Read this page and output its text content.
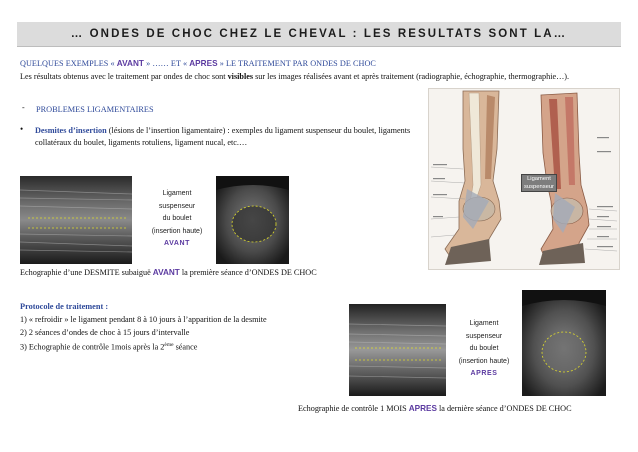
… ONDES DE CHOC CHEZ LE CHEVAL : LES RESULTATS SONT LA…
QUELQUES EXEMPLES « AVANT » …… ET « APRES » LE TRAITEMENT PAR ONDES DE CHOC
Les résultats obtenus avec le traitement par ondes de choc sont visibles sur les images réalisées avant et après traitement (radiographie, échographie, thermographie…).
- PROBLEMES LIGAMENTAIRES
• Desmites d’insertion (lésions de l’insertion ligamentaire) : exemples du ligament suspenseur du boulet, ligaments collatéraux du boulet, ligaments rotuliens, ligament nucal, etc.…
Ligament
suspenseur
Ligament
suspenseur
du boulet
(insertion haute)
AVANT
Echographie d’une DESMITE subaiguë AVANT la première séance d’ONDES DE CHOC
Protocole de traitement :
1) « refroidir » le ligament pendant 8 à 10 jours à l’apparition de la desmite
2) 2 séances d’ondes de choc à 15 jours d’intervalle
3) Echographie de contrôle 1mois après la 2ème séance
Ligament
suspenseur
du boulet
(insertion haute)
APRES
Echographie de contrôle 1 MOIS APRES la dernière séance d’ONDES DE CHOC
